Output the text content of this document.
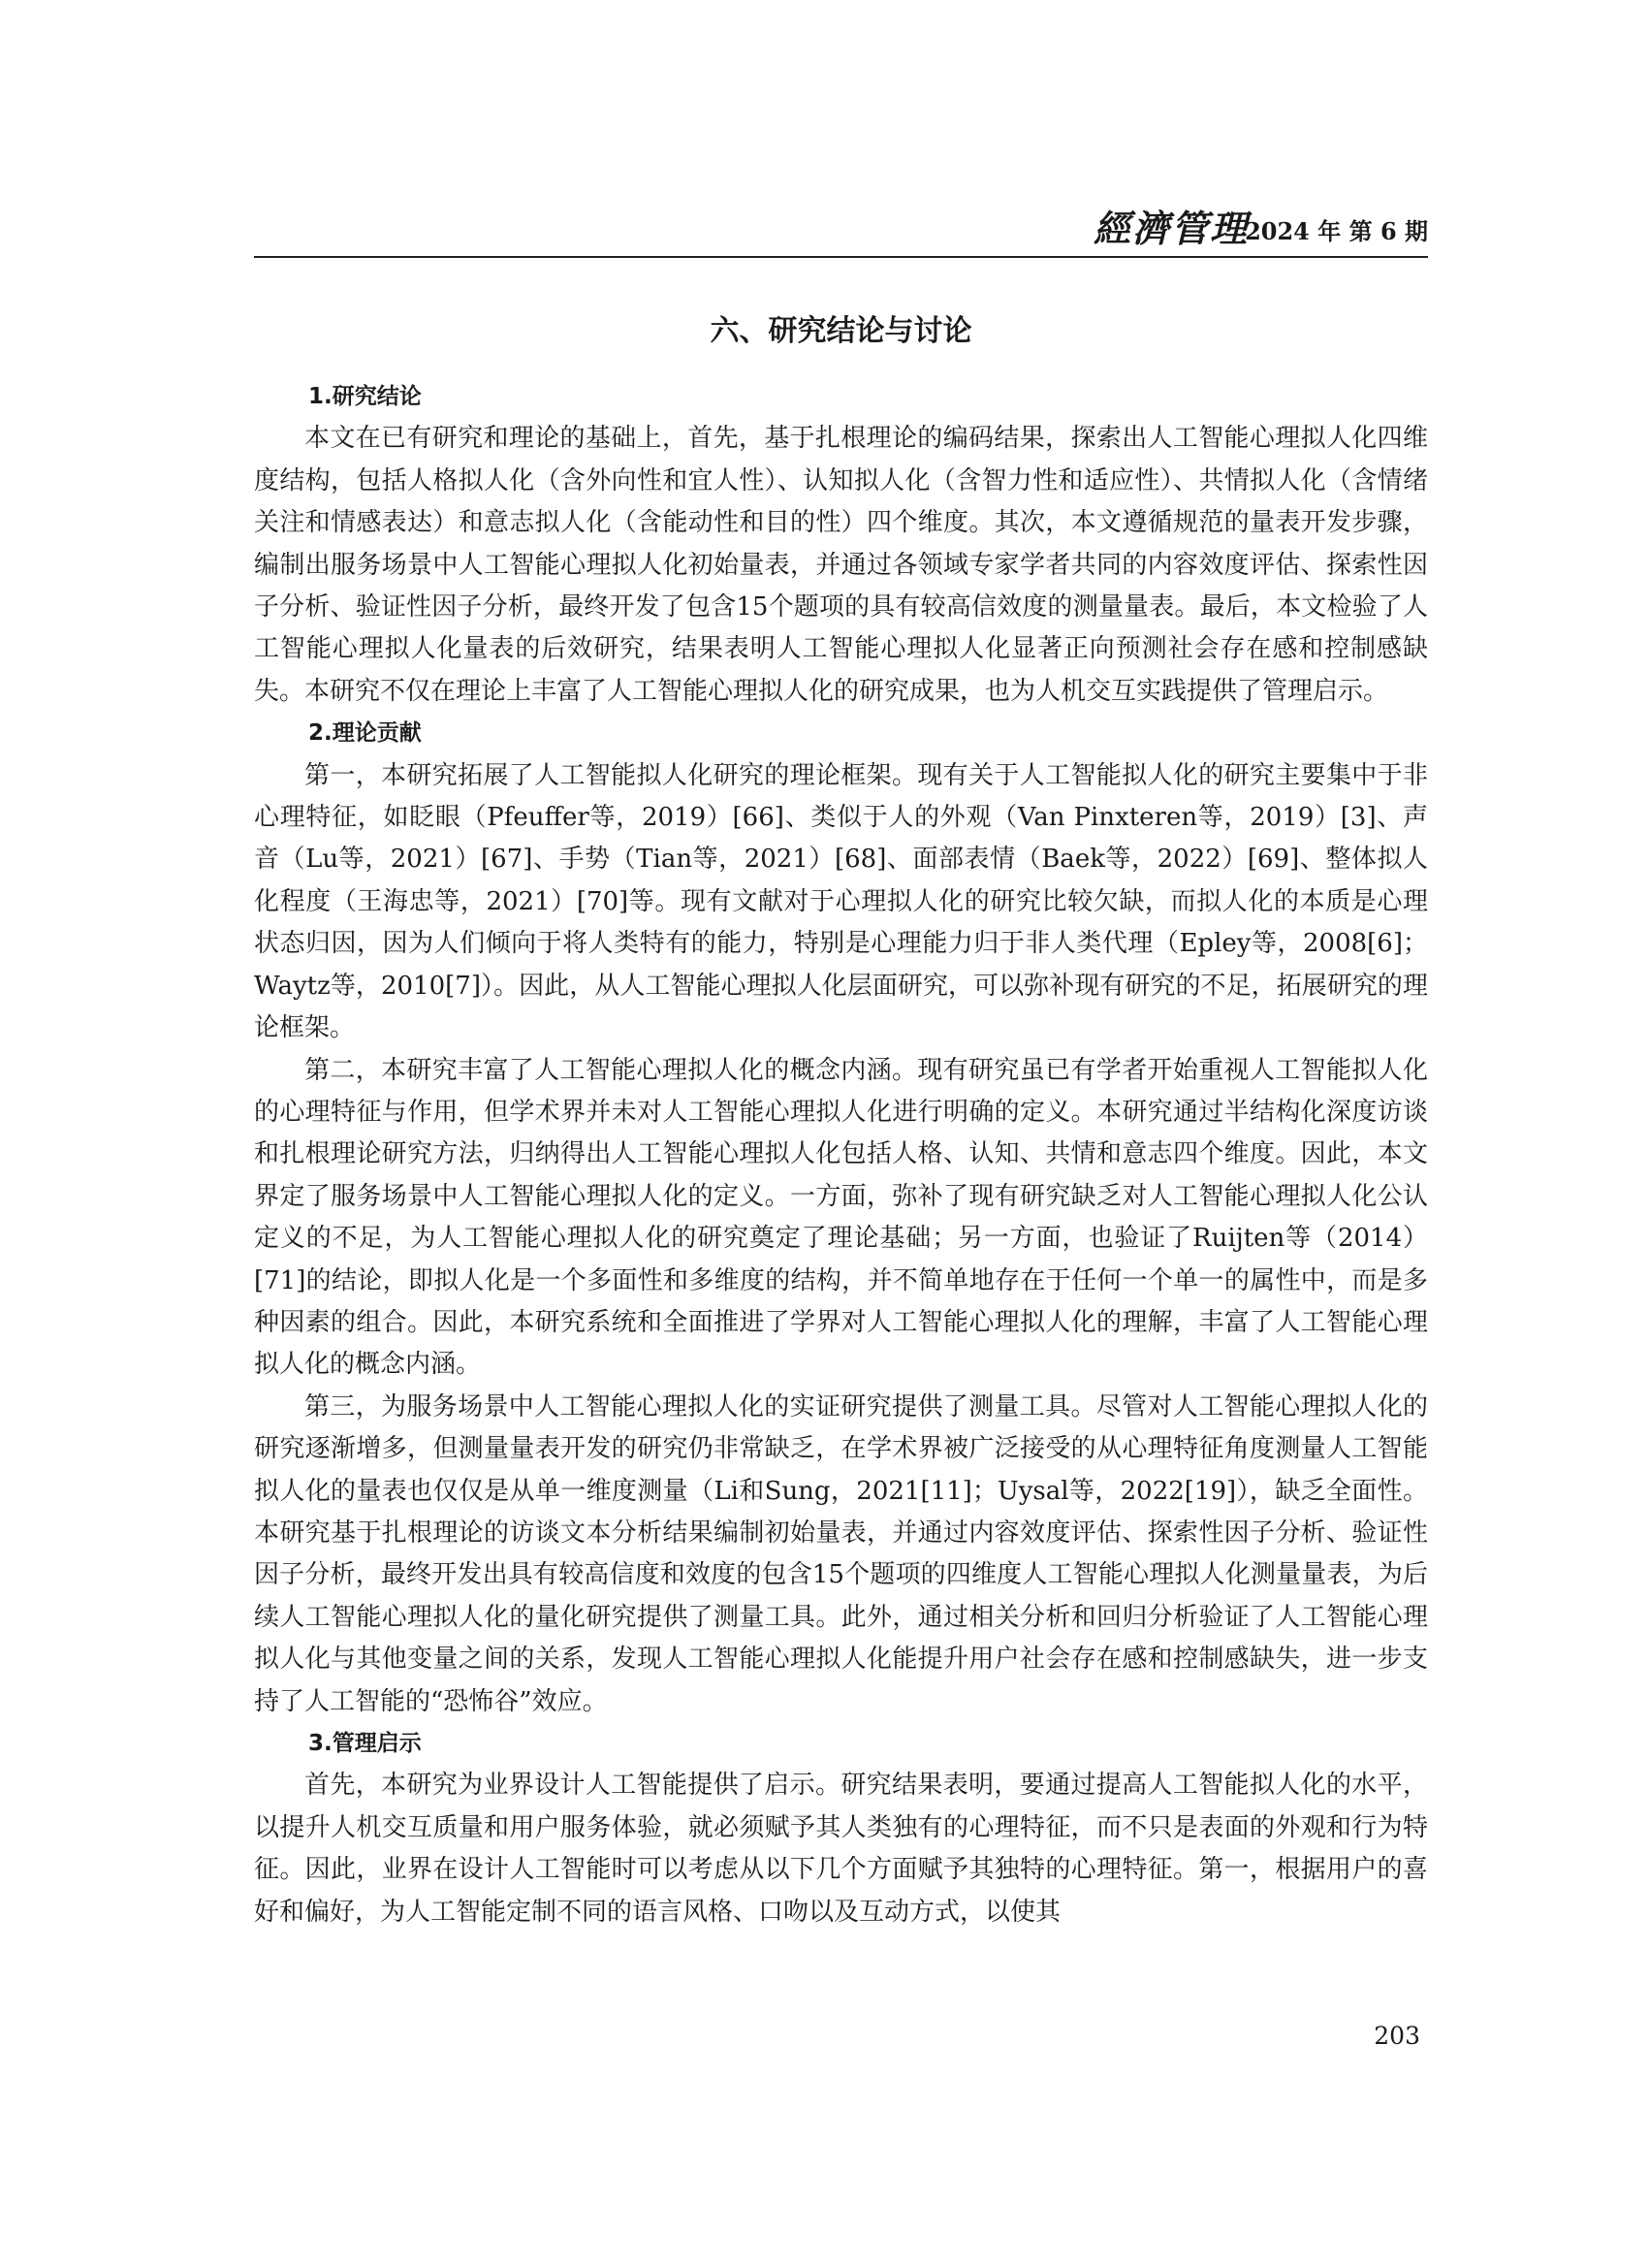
經濟管理
2024 年 第 6 期
六、研究结论与讨论

1.研究结论

本文在已有研究和理论的基础上，首先，基于扎根理论的编码结果，探索出人工智能心理拟人化四维度结构，包括人格拟人化（含外向性和宜人性）、认知拟人化（含智力性和适应性）、共情拟人化（含情绪关注和情感表达）和意志拟人化（含能动性和目的性）四个维度。其次，本文遵循规范的量表开发步骤，编制出服务场景中人工智能心理拟人化初始量表，并通过各领域专家学者共同的内容效度评估、探索性因子分析、验证性因子分析，最终开发了包含15个题项的具有较高信效度的测量量表。最后，本文检验了人工智能心理拟人化量表的后效研究，结果表明人工智能心理拟人化显著正向预测社会存在感和控制感缺失。本研究不仅在理论上丰富了人工智能心理拟人化的研究成果，也为人机交互实践提供了管理启示。

2.理论贡献

第一，本研究拓展了人工智能拟人化研究的理论框架。现有关于人工智能拟人化的研究主要集中于非心理特征，如眨眼（Pfeuffer等，2019）[66]、类似于人的外观（Van Pinxteren等，2019）[3]、声音（Lu等，2021）[67]、手势（Tian等，2021）[68]、面部表情（Baek等，2022）[69]、整体拟人化程度（王海忠等，2021）[70]等。现有文献对于心理拟人化的研究比较欠缺，而拟人化的本质是心理状态归因，因为人们倾向于将人类特有的能力，特别是心理能力归于非人类代理（Epley等，2008[6]；Waytz等，2010[7]）。因此，从人工智能心理拟人化层面研究，可以弥补现有研究的不足，拓展研究的理论框架。

第二，本研究丰富了人工智能心理拟人化的概念内涵。现有研究虽已有学者开始重视人工智能拟人化的心理特征与作用，但学术界并未对人工智能心理拟人化进行明确的定义。本研究通过半结构化深度访谈和扎根理论研究方法，归纳得出人工智能心理拟人化包括人格、认知、共情和意志四个维度。因此，本文界定了服务场景中人工智能心理拟人化的定义。一方面，弥补了现有研究缺乏对人工智能心理拟人化公认定义的不足，为人工智能心理拟人化的研究奠定了理论基础；另一方面，也验证了Ruijten等（2014）[71]的结论，即拟人化是一个多面性和多维度的结构，并不简单地存在于任何一个单一的属性中，而是多种因素的组合。因此，本研究系统和全面推进了学界对人工智能心理拟人化的理解，丰富了人工智能心理拟人化的概念内涵。

第三，为服务场景中人工智能心理拟人化的实证研究提供了测量工具。尽管对人工智能心理拟人化的研究逐渐增多，但测量量表开发的研究仍非常缺乏，在学术界被广泛接受的从心理特征角度测量人工智能拟人化的量表也仅仅是从单一维度测量（Li和Sung，2021[11]；Uysal等，2022[19]），缺乏全面性。本研究基于扎根理论的访谈文本分析结果编制初始量表，并通过内容效度评估、探索性因子分析、验证性因子分析，最终开发出具有较高信度和效度的包含15个题项的四维度人工智能心理拟人化测量量表，为后续人工智能心理拟人化的量化研究提供了测量工具。此外，通过相关分析和回归分析验证了人工智能心理拟人化与其他变量之间的关系，发现人工智能心理拟人化能提升用户社会存在感和控制感缺失，进一步支持了人工智能的“恐怖谷”效应。

3.管理启示

首先，本研究为业界设计人工智能提供了启示。研究结果表明，要通过提高人工智能拟人化的水平，以提升人机交互质量和用户服务体验，就必须赋予其人类独有的心理特征，而不只是表面的外观和行为特征。因此，业界在设计人工智能时可以考虑从以下几个方面赋予其独特的心理特征。第一，根据用户的喜好和偏好，为人工智能定制不同的语言风格、口吻以及互动方式，以使其

203
